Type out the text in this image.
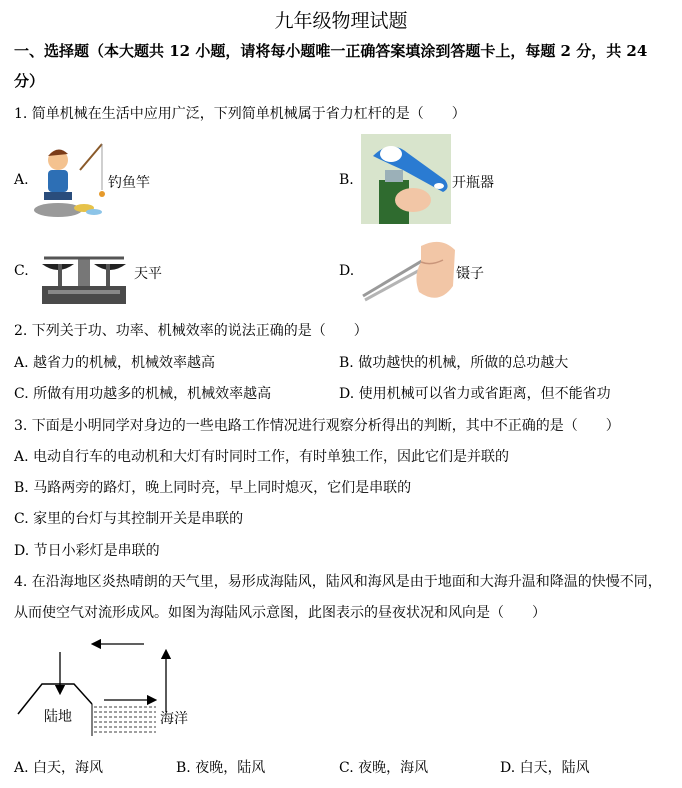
九年级物理试题
一、选择题（本大题共 12 小题，请将每小题唯一正确答案填涂到答题卡上，每题 2 分，共 24
分）
1. 简单机械在生活中应用广泛，下列简单机械属于省力杠杆的是（　　）
A.	钓鱼竿	B.	开瓶器
C.	天平	D.	镊子
2. 下列关于功、功率、机械效率的说法正确的是（　　）
A. 越省力的机械，机械效率越高	B. 做功越快的机械，所做的总功越大
C. 所做有用功越多的机械，机械效率越高	D. 使用机械可以省力或省距离，但不能省功
3. 下面是小明同学对身边的一些电路工作情况进行观察分析得出的判断，其中不正确的是（　　）
A. 电动自行车的电动机和大灯有时同时工作，有时单独工作，因此它们是并联的
B. 马路两旁的路灯，晚上同时亮，早上同时熄灭，它们是串联的
C. 家里的台灯与其控制开关是串联的
D. 节日小彩灯是串联的
4. 在沿海地区炎热晴朗的天气里，易形成海陆风，陆风和海风是由于地面和大海升温和降温的快慢不同，
从而使空气对流形成风。如图为海陆风示意图，此图表示的昼夜状况和风向是（　　）
陆地	海洋
A. 白天，海风	B. 夜晚，陆风	C. 夜晚，海风	D. 白天，陆风
